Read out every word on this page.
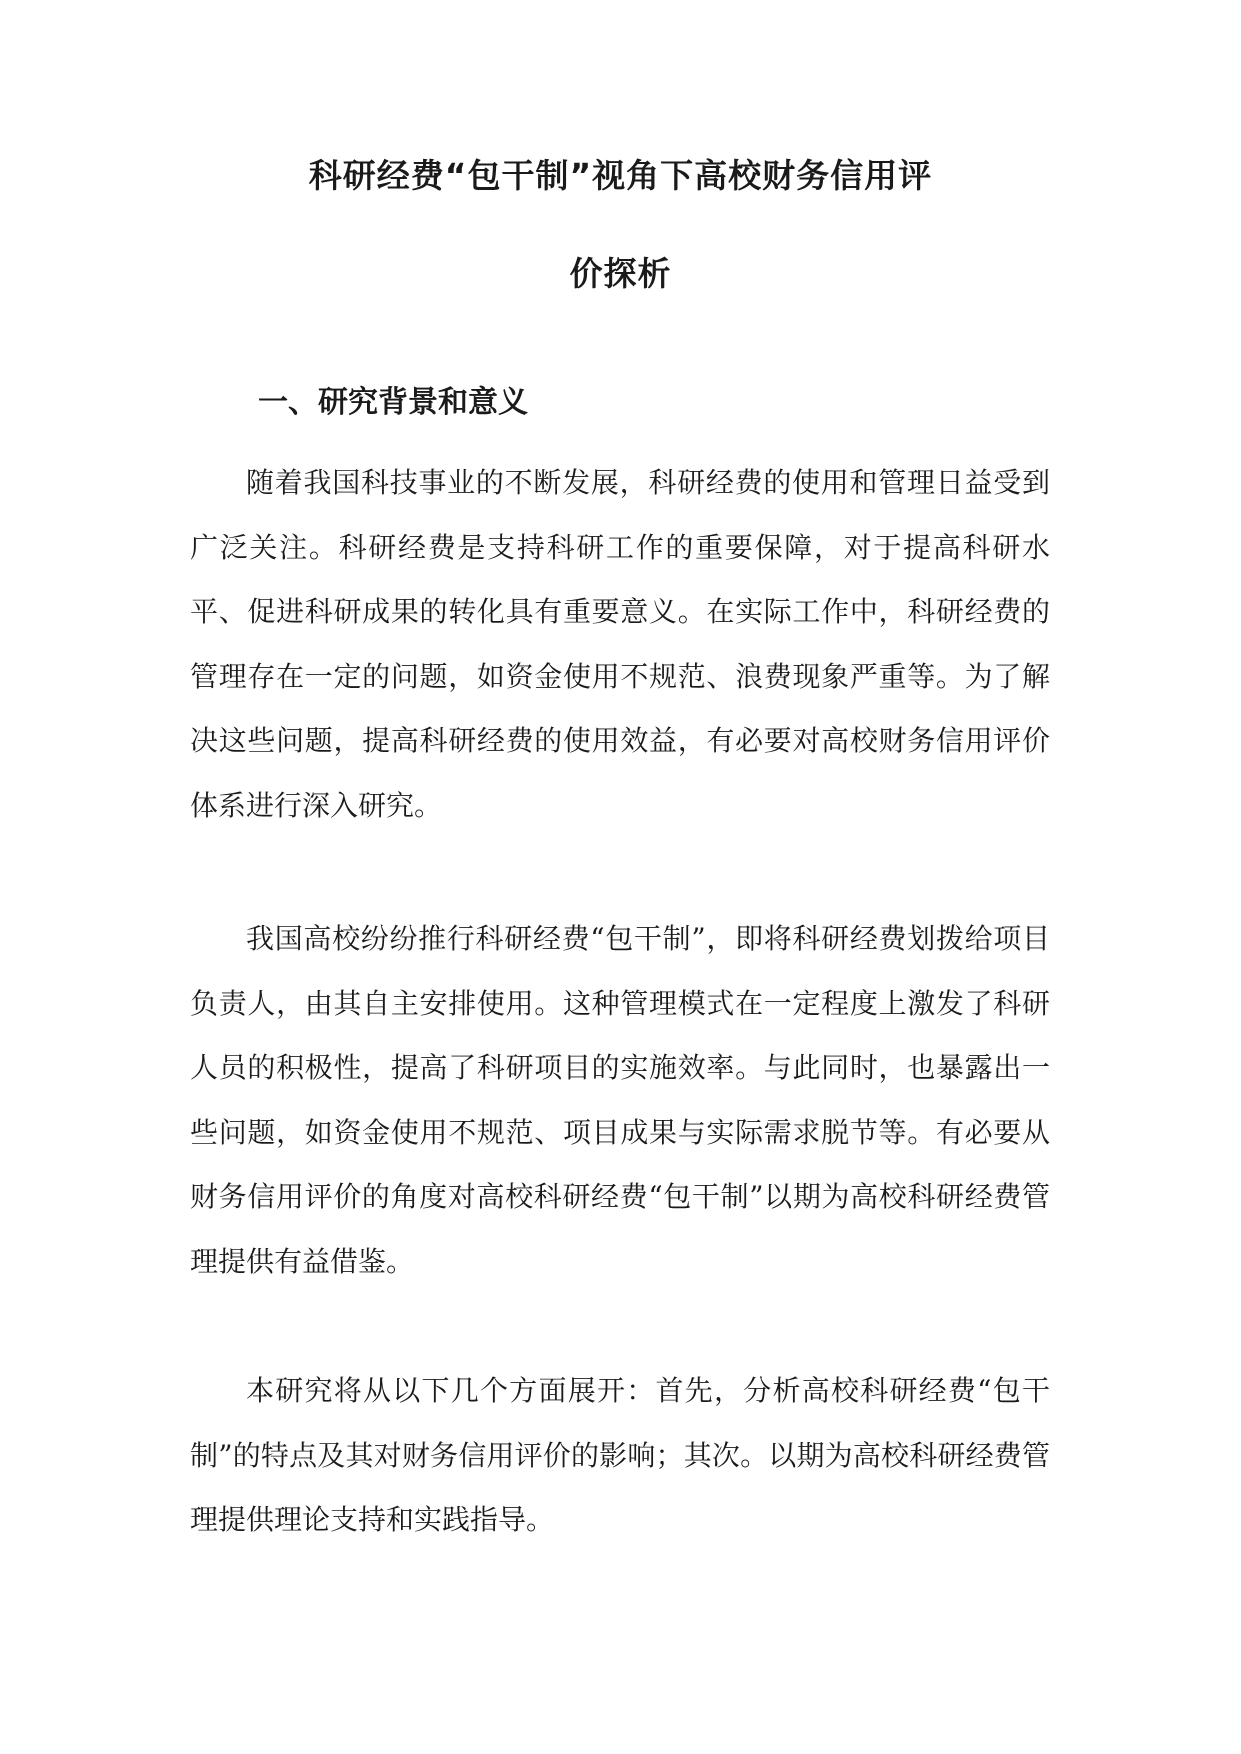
科研经费“包干制”视角下高校财务信用评
价探析
一、研究背景和意义

随着我国科技事业的不断发展，科研经费的使用和管理日益受到广泛关注。科研经费是支持科研工作的重要保障，对于提高科研水平、促进科研成果的转化具有重要意义。在实际工作中，科研经费的管理存在一定的问题，如资金使用不规范、浪费现象严重等。为了解决这些问题，提高科研经费的使用效益，有必要对高校财务信用评价体系进行深入研究。

我国高校纷纷推行科研经费“包干制”，即将科研经费划拨给项目负责人，由其自主安排使用。这种管理模式在一定程度上激发了科研人员的积极性，提高了科研项目的实施效率。与此同时，也暴露出一些问题，如资金使用不规范、项目成果与实际需求脱节等。有必要从财务信用评价的角度对高校科研经费“包干制”以期为高校科研经费管理提供有益借鉴。

本研究将从以下几个方面展开：首先，分析高校科研经费“包干制”的特点及其对财务信用评价的影响；其次。以期为高校科研经费管理提供理论支持和实践指导。
